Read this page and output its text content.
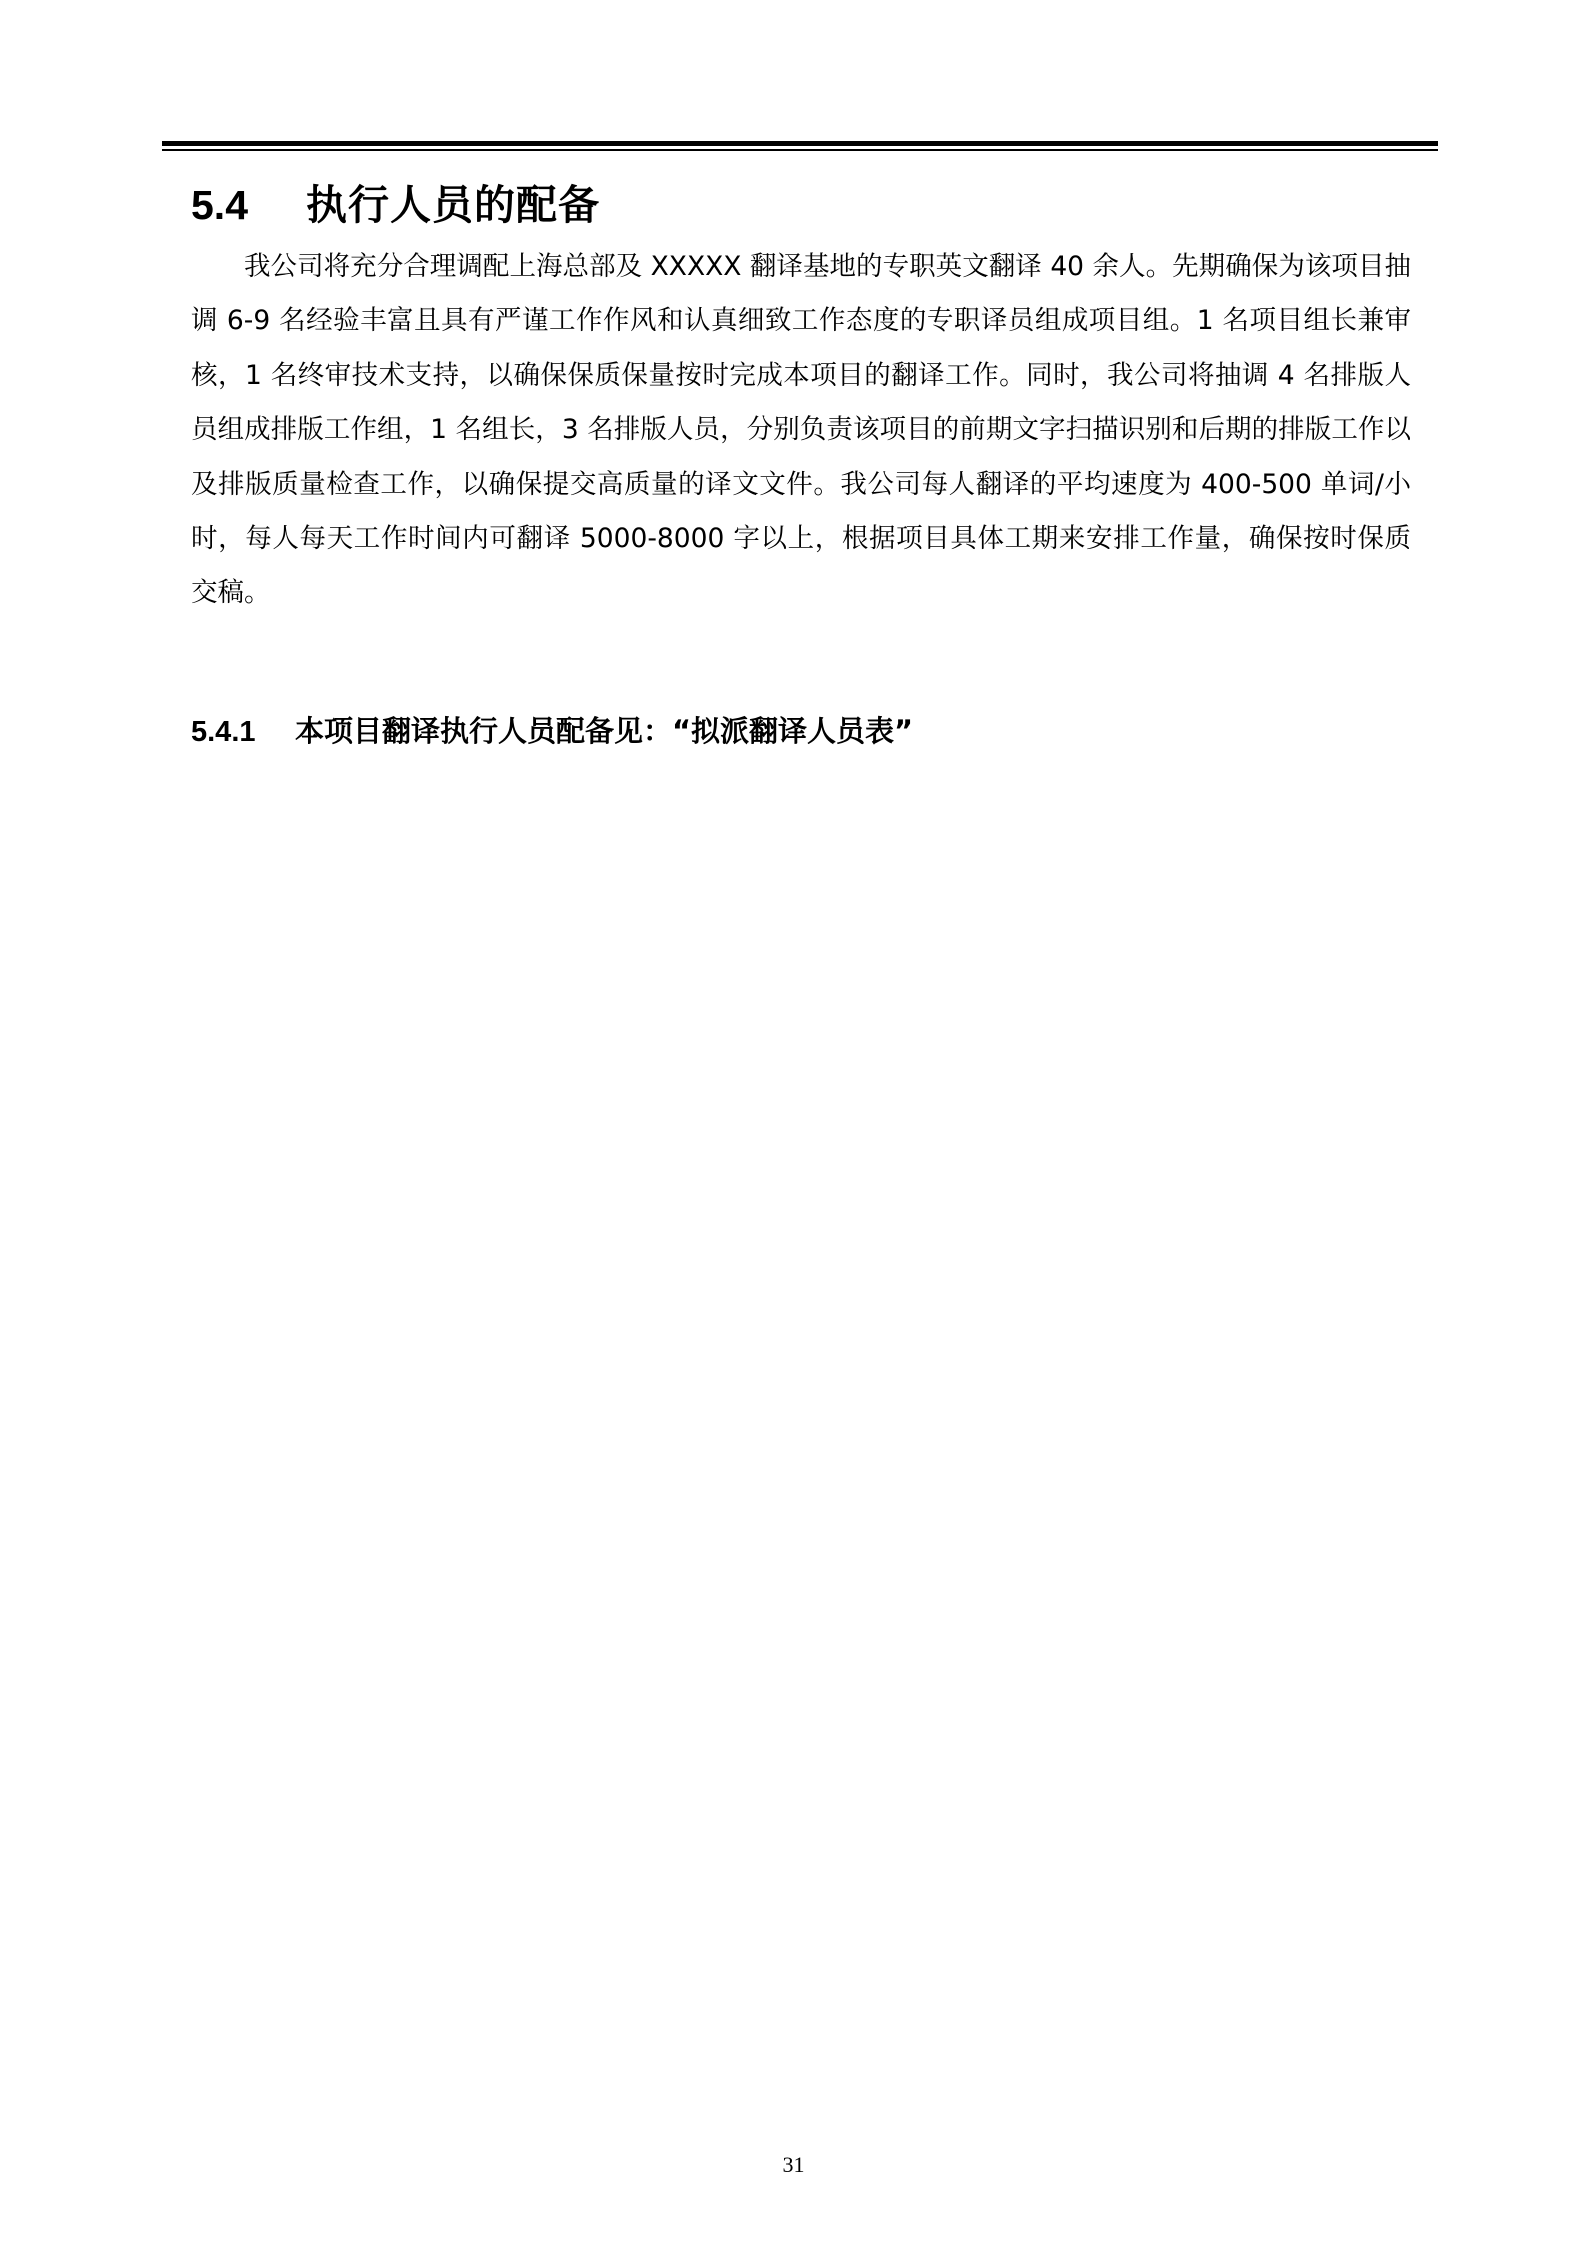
5.4	执行人员的配备

我公司将充分合理调配上海总部及 XXXXX 翻译基地的专职英文翻译 40 余人。先期确保为该项目抽调 6-9 名经验丰富且具有严谨工作作风和认真细致工作态度的专职译员组成项目组。1 名项目组长兼审核，1 名终审技术支持，以确保保质保量按时完成本项目的翻译工作。同时，我公司将抽调 4 名排版人员组成排版工作组，1 名组长，3 名排版人员，分别负责该项目的前期文字扫描识别和后期的排版工作以及排版质量检查工作，以确保提交高质量的译文文件。我公司每人翻译的平均速度为 400-500 单词/小时，每人每天工作时间内可翻译 5000-8000 字以上，根据项目具体工期来安排工作量，确保按时保质交稿。

5.4.1	本项目翻译执行人员配备见：“拟派翻译人员表”
31
